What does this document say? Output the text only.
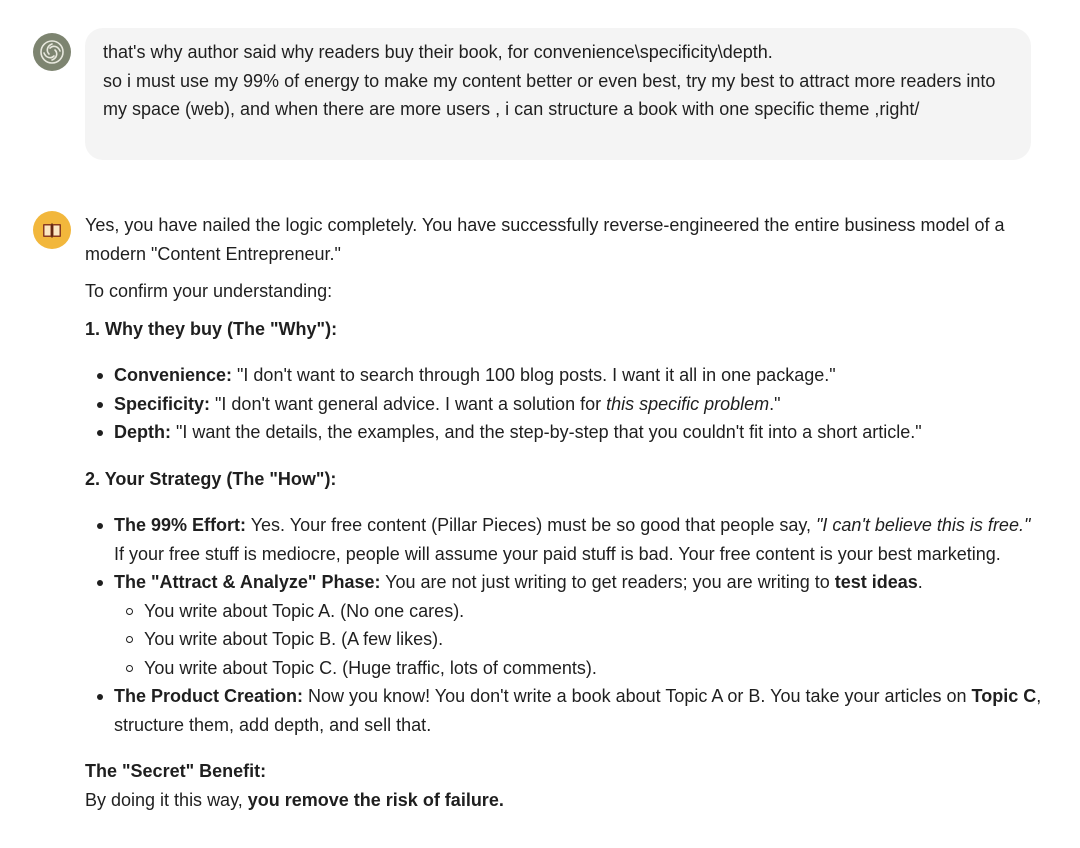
that's why author said why readers buy their book, for convenience\specificity\depth.

so i must use my 99% of energy to make my content better or even best, try my best to attract more readers into my space (web), and when there are more users , i can structure a book with one specific theme ,right/

Yes, you have nailed the logic completely. You have successfully reverse-engineered the entire business model of a modern "Content Entrepreneur."

To confirm your understanding:

1. Why they buy (The "Why"):

Convenience: "I don't want to search through 100 blog posts. I want it all in one package."
Specificity: "I don't want general advice. I want a solution for this specific problem."
Depth: "I want the details, the examples, and the step-by-step that you couldn't fit into a short article."

2. Your Strategy (The "How"):

The 99% Effort: Yes. Your free content (Pillar Pieces) must be so good that people say, "I can't believe this is free." If your free stuff is mediocre, people will assume your paid stuff is bad. Your free content is your best marketing.
The "Attract & Analyze" Phase: You are not just writing to get readers; you are writing to test ideas.
You write about Topic A. (No one cares).
You write about Topic B. (A few likes).
You write about Topic C. (Huge traffic, lots of comments).
The Product Creation: Now you know! You don't write a book about Topic A or B. You take your articles on Topic C, structure them, add depth, and sell that.

The "Secret" Benefit:

By doing it this way, you remove the risk of failure.
